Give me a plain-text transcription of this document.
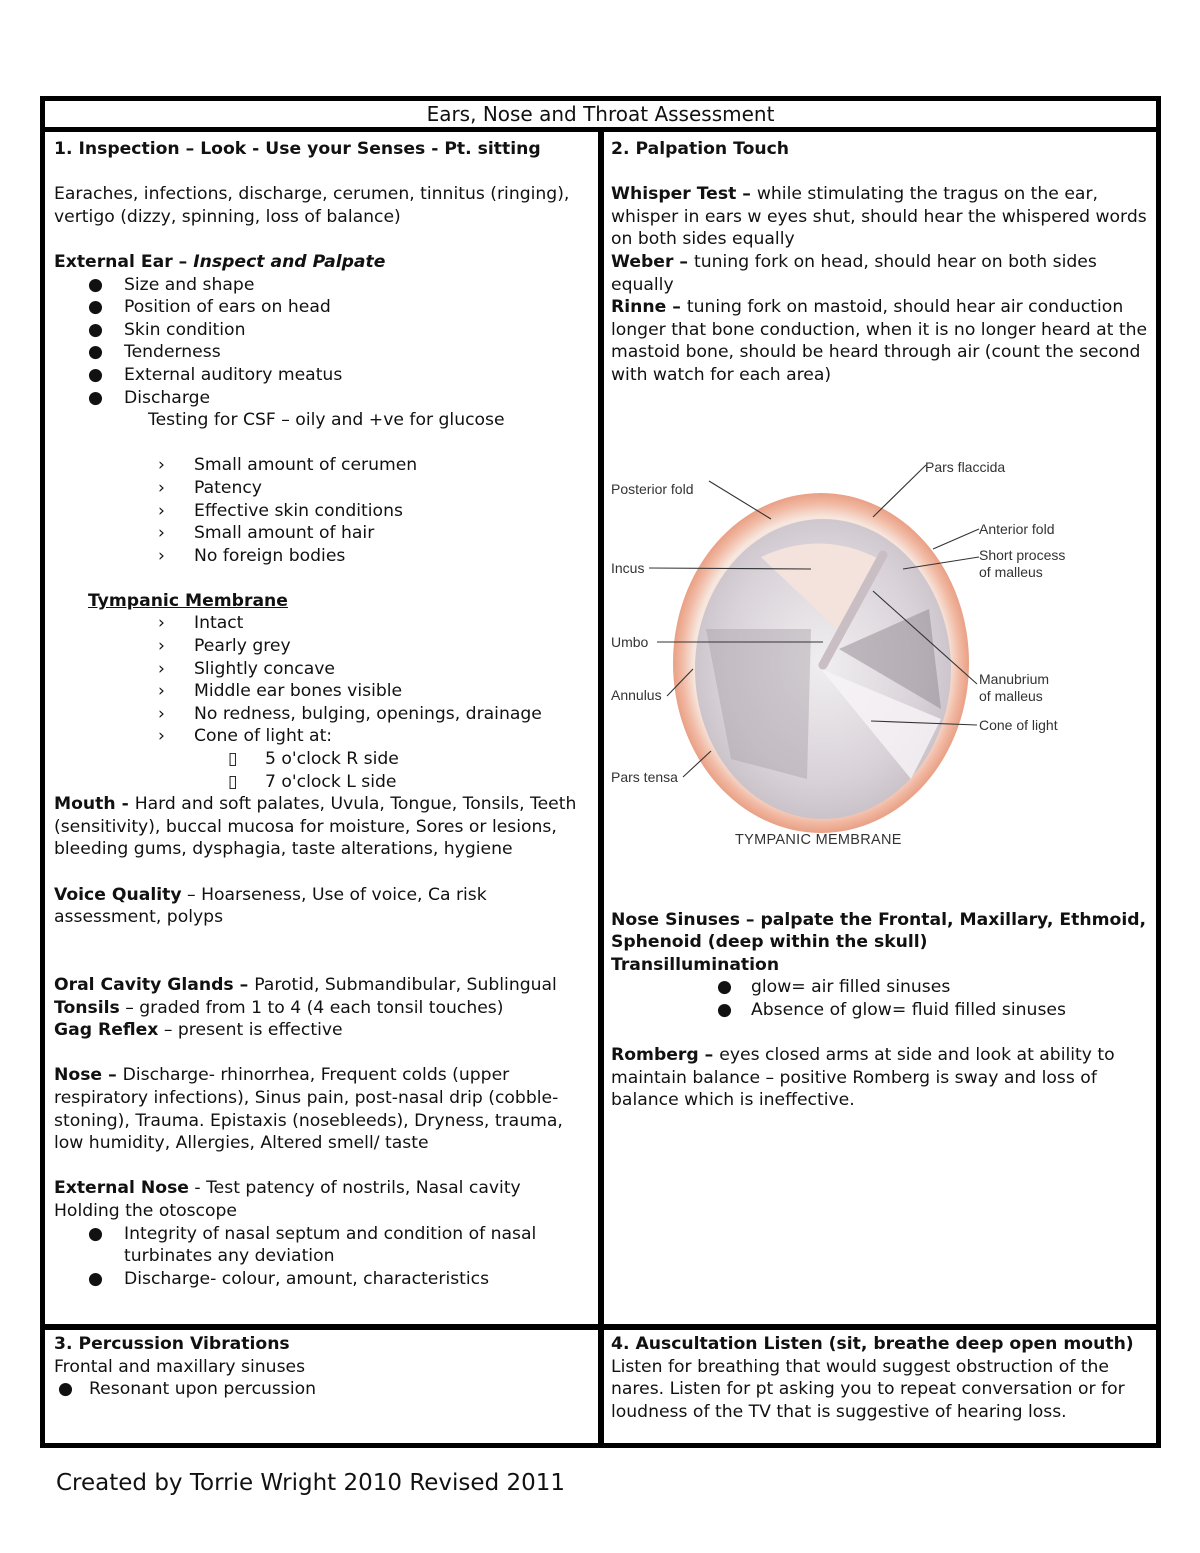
Ears, Nose and Throat Assessment

1. Inspection – Look - Use your Senses - Pt. sitting

Earaches, infections, discharge, cerumen, tinnitus (ringing), vertigo (dizzy, spinning, loss of balance)

External Ear – Inspect and Palpate

● Size and shape
● Position of ears on head
● Skin condition
● Tenderness
● External auditory meatus
● Discharge

Testing for CSF – oily and +ve for glucose

› Small amount of cerumen
› Patency
› Effective skin conditions
› Small amount of hair
› No foreign bodies

Tympanic Membrane

› Intact
› Pearly grey
› Slightly concave
› Middle ear bones visible
› No redness, bulging, openings, drainage
› Cone of light at:
▯ 5 o'clock R side
▯ 7 o'clock L side

Mouth - Hard and soft palates, Uvula, Tongue, Tonsils, Teeth (sensitivity), buccal mucosa for moisture, Sores or lesions, bleeding gums, dysphagia, taste alterations, hygiene

Voice Quality – Hoarseness, Use of voice, Ca risk assessment, polyps

Oral Cavity Glands – Parotid, Submandibular, Sublingual

Tonsils – graded from 1 to 4 (4 each tonsil touches)

Gag Reflex – present is effective

Nose – Discharge- rhinorrhea, Frequent colds (upper respiratory infections), Sinus pain, post-nasal drip (cobble-stoning), Trauma. Epistaxis (nosebleeds), Dryness, trauma, low humidity, Allergies, Altered smell/ taste

External Nose - Test patency of nostrils, Nasal cavity

Holding the otoscope

● Integrity of nasal septum and condition of nasal turbinates any deviation
● Discharge- colour, amount, characteristics

2. Palpation Touch

Whisper Test – while stimulating the tragus on the ear, whisper in ears w eyes shut, should hear the whispered words on both sides equally

Weber – tuning fork on head, should hear on both sides equally

Rinne – tuning fork on mastoid, should hear air conduction longer that bone conduction, when it is no longer heard at the mastoid bone, should be heard through air (count the second with watch for each area)

Posterior fold
Pars flaccida
Anterior fold
Short process
of malleus
Incus
Umbo
Annulus
Manubrium
of malleus
Cone of light
Pars tensa
TYMPANIC MEMBRANE

Nose Sinuses – palpate the Frontal, Maxillary, Ethmoid, Sphenoid (deep within the skull)

Transillumination

● glow= air filled sinuses
● Absence of glow= fluid filled sinuses

Romberg – eyes closed arms at side and look at ability to maintain balance – positive Romberg is sway and loss of balance which is ineffective.

3. Percussion Vibrations

Frontal and maxillary sinuses

● Resonant upon percussion

4. Auscultation Listen (sit, breathe deep open mouth)

Listen for breathing that would suggest obstruction of the nares. Listen for pt asking you to repeat conversation or for loudness of the TV that is suggestive of hearing loss.

Created by Torrie Wright 2010 Revised 2011
